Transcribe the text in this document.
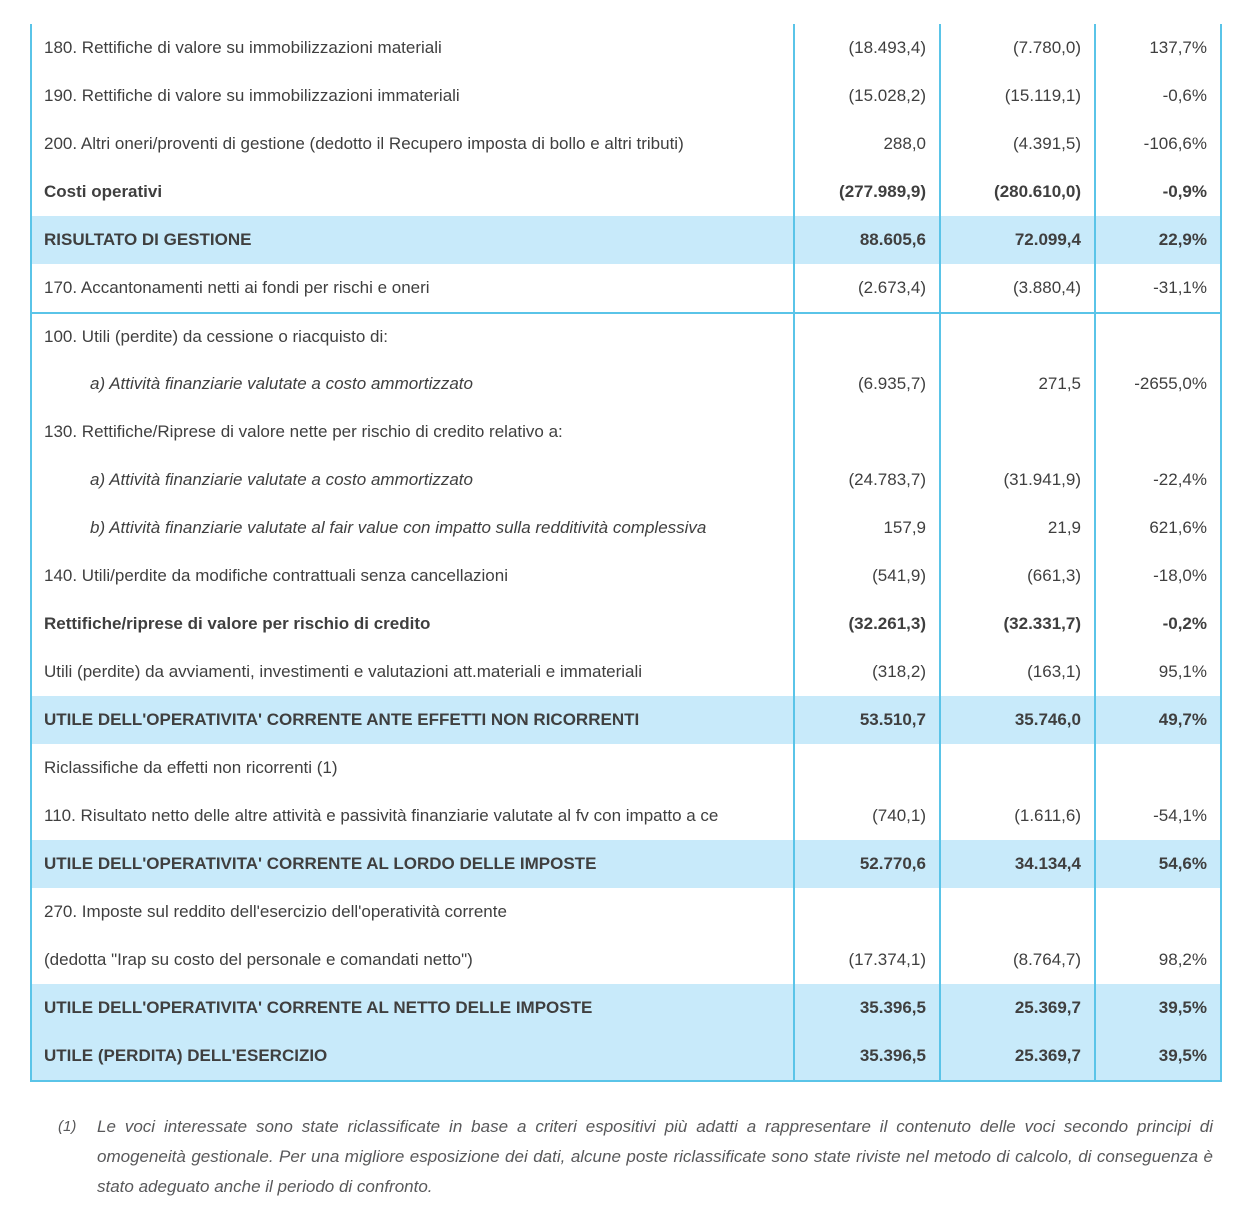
180. Rettifiche di valore su immobilizzazioni materiali	(18.493,4)	(7.780,0)	137,7%
190. Rettifiche di valore su immobilizzazioni immateriali	(15.028,2)	(15.119,1)	-0,6%
200. Altri oneri/proventi di gestione (dedotto il Recupero imposta di bollo e altri tributi)	288,0	(4.391,5)	-106,6%
Costi operativi	(277.989,9)	(280.610,0)	-0,9%
RISULTATO DI GESTIONE	88.605,6	72.099,4	22,9%
170. Accantonamenti netti ai fondi per rischi e oneri	(2.673,4)	(3.880,4)	-31,1%
100. Utili (perdite) da cessione o riacquisto di:
a) Attività finanziarie valutate a costo ammortizzato	(6.935,7)	271,5	-2655,0%
130. Rettifiche/Riprese di valore nette per rischio di credito relativo a:
a) Attività finanziarie valutate a costo ammortizzato	(24.783,7)	(31.941,9)	-22,4%
b) Attività finanziarie valutate al fair value con impatto sulla redditività complessiva	157,9	21,9	621,6%
140. Utili/perdite da modifiche contrattuali senza cancellazioni	(541,9)	(661,3)	-18,0%
Rettifiche/riprese di valore per rischio di credito	(32.261,3)	(32.331,7)	-0,2%
Utili (perdite) da avviamenti, investimenti e valutazioni att.materiali e immateriali	(318,2)	(163,1)	95,1%
UTILE DELL'OPERATIVITA' CORRENTE ANTE EFFETTI NON RICORRENTI	53.510,7	35.746,0	49,7%
Riclassifiche da effetti non ricorrenti (1)
110. Risultato netto delle altre attività e passività finanziarie valutate al fv con impatto a ce	(740,1)	(1.611,6)	-54,1%
UTILE DELL'OPERATIVITA' CORRENTE AL LORDO DELLE IMPOSTE	52.770,6	34.134,4	54,6%
270. Imposte sul reddito dell'esercizio dell'operatività corrente
(dedotta "Irap su costo del personale e comandati netto")	(17.374,1)	(8.764,7)	98,2%
UTILE DELL'OPERATIVITA' CORRENTE AL NETTO DELLE IMPOSTE	35.396,5	25.369,7	39,5%
UTILE (PERDITA) DELL'ESERCIZIO	35.396,5	25.369,7	39,5%
(1)	Le voci interessate sono state riclassificate in base a criteri espositivi più adatti a rappresentare il contenuto delle voci secondo principi di omogeneità gestionale. Per una migliore esposizione dei dati, alcune poste riclassificate sono state riviste nel metodo di calcolo, di conseguenza è stato adeguato anche il periodo di confronto.
